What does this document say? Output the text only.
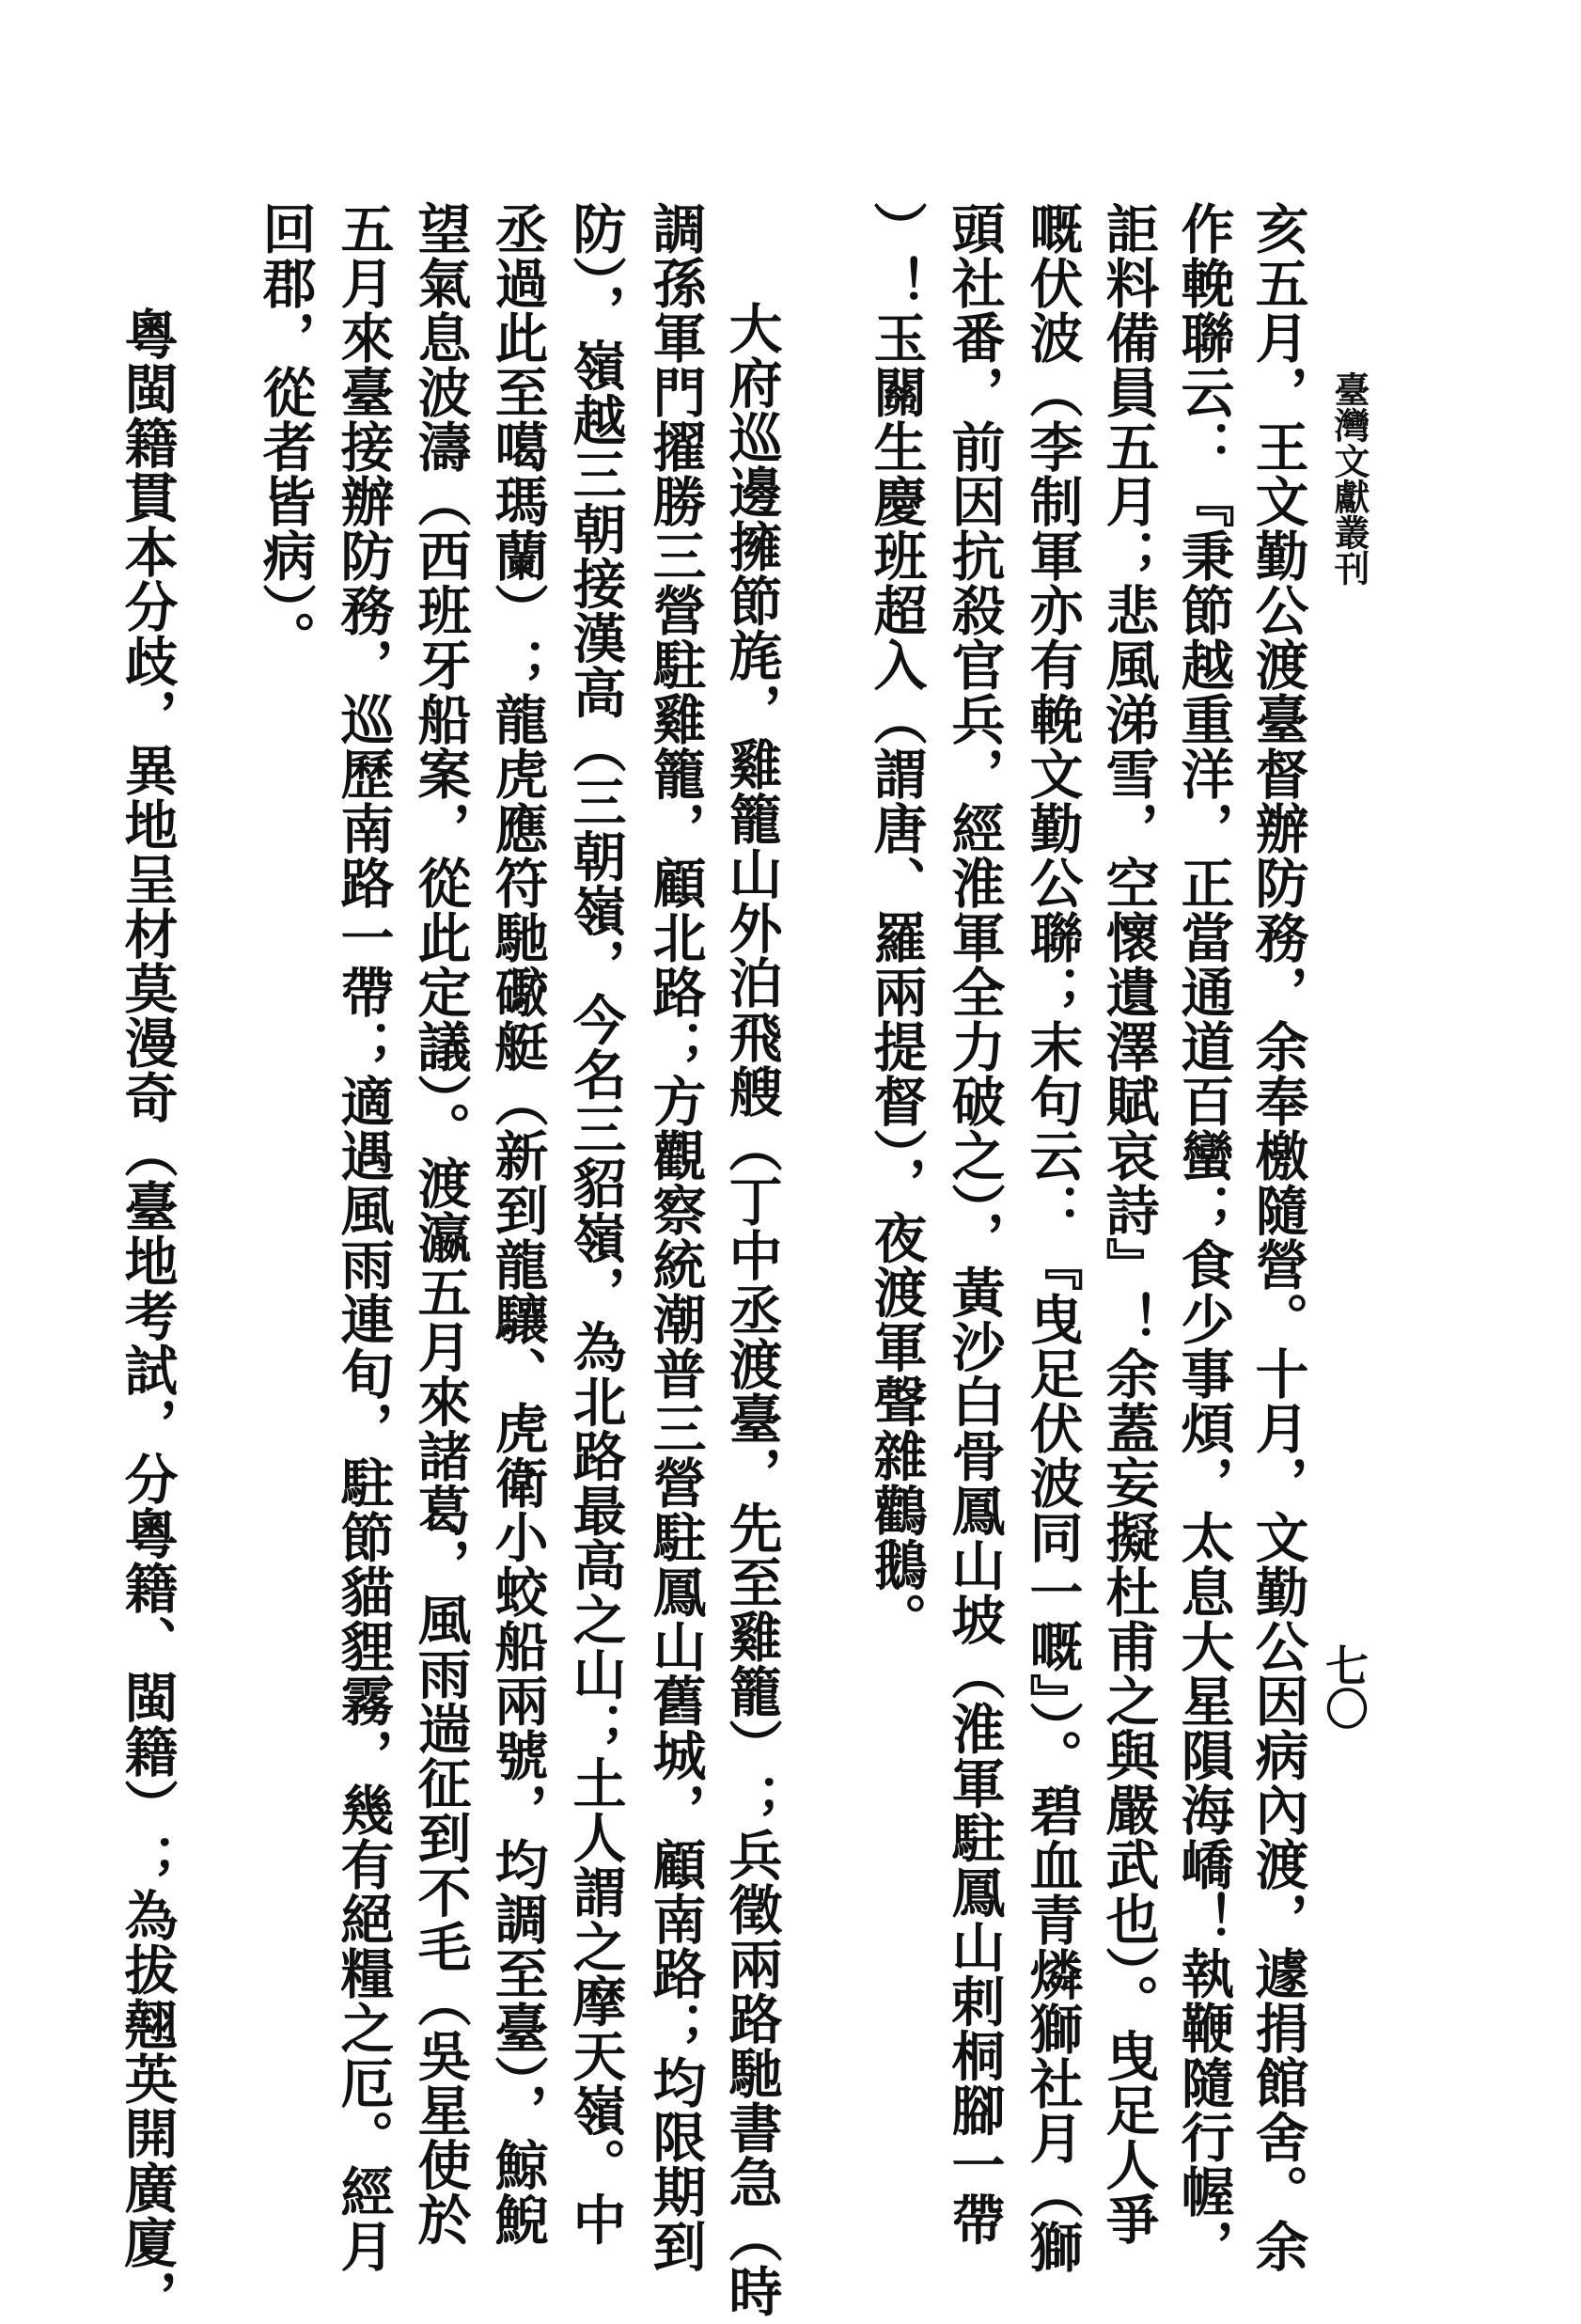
臺灣文獻叢刊
七〇
亥五月，王文勤公渡臺督辦防務，余奉檄隨營。十月，文勤公因病內渡，遽捐館舍。余
作輓聯云：『秉節越重洋，正當通道百蠻；食少事煩，太息大星隕海嶠！執鞭隨行幄，
詎料備員五月；悲風涕雪，空懷遺澤賦哀詩』！余蓋妄擬杜甫之與嚴武也）。曳足人爭
嘅伏波（李制軍亦有輓文勤公聯；末句云：『曳足伏波同一嘅』）。碧血青燐獅社月（獅
頭社番，前因抗殺官兵，經淮軍全力破之），黃沙白骨鳳山坡（淮軍駐鳳山剌桐腳一帶
）！玉關生慶班超入（謂唐、羅兩提督），夜渡軍聲雜鸛鵝。
大府巡邊擁節旄，雞籠山外泊飛艘（丁中丞渡臺，先至雞籠）；兵徵兩路馳書急（時
調孫軍門擢勝三營駐雞籠，顧北路；方觀察統潮普三營駐鳳山舊城，顧南路；均限期到
防），嶺越三朝接漢高（三朝嶺，今名三貂嶺，為北路最高之山；土人謂之摩天嶺。中
丞過此至噶瑪蘭）；龍虎應符馳礮艇（新到龍驤、虎衛小蛟船兩號，均調至臺），鯨鯢
望氣息波濤（西班牙船案，從此定議）。渡瀛五月來諸葛，風雨遄征到不毛（吳星使於
五月來臺接辦防務，巡歷南路一帶；適遇風雨連旬，駐節貓貍霧，幾有絕糧之厄。經月
回郡，從者皆病）。
粵閩籍貫本分歧，異地呈材莫漫奇（臺地考試，分粵籍、閩籍）；為拔翹英開廣廈，
